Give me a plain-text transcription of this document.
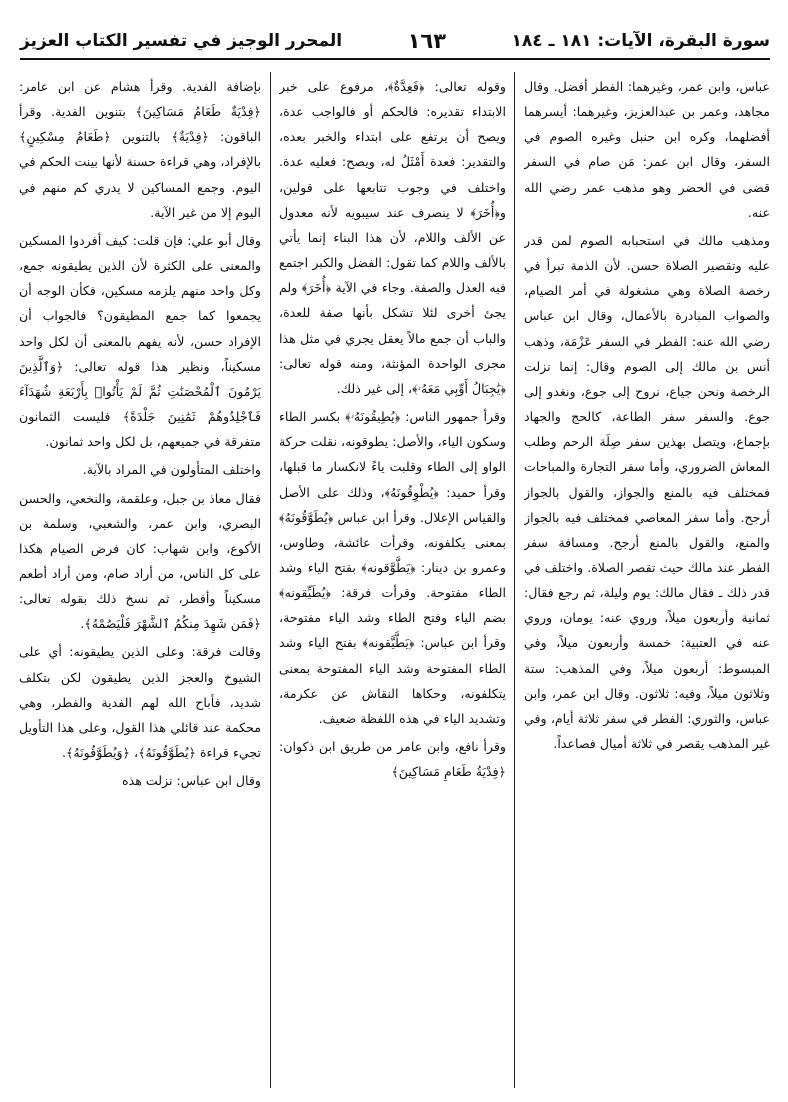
سورة البقرة، الآيات: ١٨١ ـ ١٨٤
١٦٣
المحرر الوجيز في تفسير الكتاب العزيز

عباس، وابن عمر، وغيرهما: الفطر أفضل. وقال مجاهد، وعمر بن عبدالعزيز، وغيرهما: أيسرهما أفضلهما، وكره ابن حنبل وغيره الصوم في السفر، وقال ابن عمر: مَن صام في السفر قضى في الحضر وهو مذهب عمر رضي الله عنه.

ومذهب مالك في استحبابه الصوم لمن قدر عليه وتقصير الصلاة حسن. لأن الذمة تبرأ في رخصة الصلاة وهي مشغولة في أمر الصيام، والصواب المبادرة بالأعمال، وقال ابن عباس رضي الله عنه: الفطر في السفر عَزْمَة، وذهب أنس بن مالك إلى الصوم وقال: إنما نزلت الرخصة ونحن جياع، نروح إلى جوع، ونغدو إلى جوع. والسفر سفر الطاعة، كالحج والجهاد بإجماع، ويتصل بهذين سفر صِلَة الرحم وطلب المعاش الضروري، وأما سفر التجارة والمباحات فمختلف فيه بالمنع والجواز، والقول بالجواز أرجح. وأما سفر المعاصي فمختلف فيه بالجواز والمنع، والقول بالمنع أرجح. ومسافة سفر الفطر عند مالك حيث تقصر الصلاة. واختلف في قدر ذلك ـ فقال مالك: يوم وليلة، ثم رجع فقال: ثمانية وأربعون ميلاً، وروي عنه: يومان، وروي عنه في العتبية: خمسة وأربعون ميلاً، وفي المبسوط: أربعون ميلاً، وفي المذهب: ستة وثلاثون ميلاً، وفيه: ثلاثون. وقال ابن عمر، وابن عباس، والثوري: الفطر في سفر ثلاثة أيام، وفي غير المذهب يقصر في ثلاثة أميال فصاعداً.

وقوله تعالى: ﴿فَعِدَّةٌ﴾، مرفوع على خبر الابتداء تقديره: فالحكم أو فالواجب عدة، ويصح أن يرتفع على ابتداء والخبر بعده، والتقدير: فعدة أَمْثَلُ له، ويصح: فعليه عدة. واختلف في وجوب تتابعها على قولين، و﴿أُخَرَ﴾ لا ينصرف عند سيبويه لأنه معدول عن الألف واللام، لأن هذا البناء إنما يأتي بالألف واللام كما تقول: الفضل والكبر اجتمع فيه العدل والصفة. وجاء في الآية ﴿أُخَرَ﴾ ولم يجئ أخرى لئلا تشكل بأنها صفة للعدة، والباب أن جمع مالاً يعقل يجري في مثل هذا مجرى الواحدة المؤنثة، ومنه قوله تعالى: ﴿يَٰجِبَالُ أَوِّبِي مَعَهُۥ﴾، إلى غير ذلك.

وقرأ جمهور الناس: ﴿يُطِيقُونَهُۥ﴾ بكسر الطاء وسكون الياء، والأصل: يطوقونه، نقلت حركة الواو إلى الطاء وقلبت ياءً لانكسار ما قبلها، وقرأ حميد: ﴿يُطْوِقُونَهُ﴾، وذلك على الأصل والقياس الإعلال. وقرأ ابن عباس ﴿يُطَوَّقُونَهُ﴾ بمعنى يكلفونه، وقرأت عائشة، وطاوس، وعمرو بن دينار: ﴿يَطَّوَّقونه﴾ بفتح الياء وشد الطاء مفتوحة. وقرأت فرقة: ﴿يُطَيِّقونه﴾ بضم الياء وفتح الطاء وشد الياء مفتوحة، وقرأ ابن عباس: ﴿يَطَّيَّقونه﴾ بفتح الياء وشد الطاء المفتوحة وشد الياء المفتوحة بمعنى يتكلفونه، وحكاها النقاش عن عكرمة، وتشديد الياء في هذه اللفظة ضعيف.

وقرأ نافع، وابن عامر من طريق ابن ذكوان: ﴿فِدْيَةُ طَعَامِ مَسَاكِينَ﴾

بإضافة الفدية. وقرأ هشام عن ابن عامر: ﴿فِدْيَةٌ طَعَامُ مَسَاكِينَ﴾ بتنوين الفدية. وقرأ الباقون: ﴿فِدْيَةٌ﴾ بالتنوين ﴿طَعَامُ مِسْكِينٍ﴾ بالإفراد، وهي قراءة حسنة لأنها بينت الحكم في اليوم. وجمع المساكين لا يدري كم منهم في اليوم إلا من غير الآية.

وقال أبو علي: فإن قلت: كيف أفردوا المسكين والمعنى على الكثرة لأن الذين يطيقونه جمع، وكل واحد منهم يلزمه مسكين، فكأن الوجه أن يجمعوا كما جمع المطيقون؟ فالجواب أن الإفراد حسن، لأنه يفهم بالمعنى أن لكل واحد مسكيناً، ونظير هذا قوله تعالى: ﴿وَٱلَّذِينَ يَرْمُونَ ٱلْمُحْصَنَٰتِ ثُمَّ لَمْ يَأْتُوا۟ بِأَرْبَعَةِ شُهَدَآءَ فَٱجْلِدُوهُمْ ثَمَٰنِينَ جَلْدَةً﴾ فليست الثمانون متفرقة في جميعهم، بل لكل واحد ثمانون.

واختلف المتأولون في المراد بالآية.

فقال معاذ بن جبل، وعلقمة، والنخعي، والحسن البصري، وابن عمر، والشعبي، وسلمة بن الأكوع، وابن شهاب: كان فرض الصيام هكذا على كل الناس، من أراد صام، ومن أراد أطعم مسكيناً وأفطر، ثم نسخ ذلك بقوله تعالى: ﴿فَمَن شَهِدَ مِنكُمُ ٱلشَّهْرَ فَلْيَصُمْهُ﴾.

وقالت فرقة: وعلى الذين يطيقونه: أي على الشيوخ والعجز الذين يطيقون لكن بتكلف شديد، فأباح الله لهم الفدية والفطر، وهي محكمة عند قائلي هذا القول، وعلى هذا التأويل تجيء قراءة ﴿يُطَوَّقُونَهُ﴾، ﴿وَيُطَوَّقُونَهُ﴾.

وقال ابن عباس: نزلت هذه
